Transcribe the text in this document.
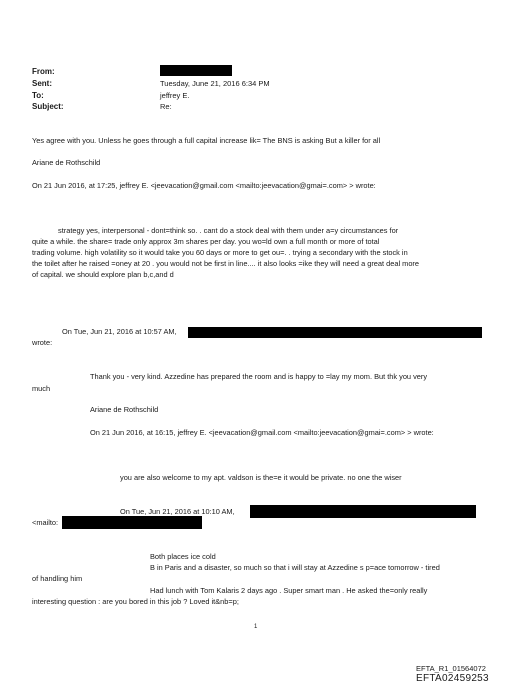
From:
Sent:	Tuesday, June 21, 2016 6:34 PM
To:	jeffrey E.
Subject:	Re:
Yes agree with you. Unless he goes through a full capital increase lik= The BNS is asking But a killer for all
Ariane de Rothschild
On 21 Jun 2016, at 17:25, jeffrey E. <jeevacation@gmail.com <mailto:jeevacation@gmai=.com> > wrote:
strategy yes, interpersonal - dont=think so. . cant do a stock deal with them under a=y circumstances for
quite a while. the share= trade only approx 3m shares per day. you wo=ld own a full month or more of total
trading volume. high volatility so it would take you 60 days or more to get ou=. . trying a secondary with the stock in
the toilet after he raised =oney at 20 . you would not be first in line.... it also looks =ike they will need a great deal more
of capital. we should explore plan b,c,and d
On Tue, Jun 21, 2016 at 10:57 AM,
wrote:
Thank you - very kind. Azzedine has prepared the room and is happy to =lay my mom. But thk you very
much
Ariane de Rothschild
On 21 Jun 2016, at 16:15, jeffrey E. <jeevacation@gmail.com <mailto:jeevacation@gmai=.com> > wrote:
you are also welcome to my apt. valdson is the=e it would be private. no one the wiser
On Tue, Jun 21, 2016 at 10:10 AM,
<mailto:
Both places ice cold
B in Paris and a disaster, so much so that i will stay at Azzedine s p=ace tomorrow - tired
of handling him
Had lunch with Tom Kalaris 2 days ago . Super smart man . He asked the=only really
interesting question : are you bored in this job ? Loved it&nb=p;
1
EFTA_R1_01564072
EFTA02459253
